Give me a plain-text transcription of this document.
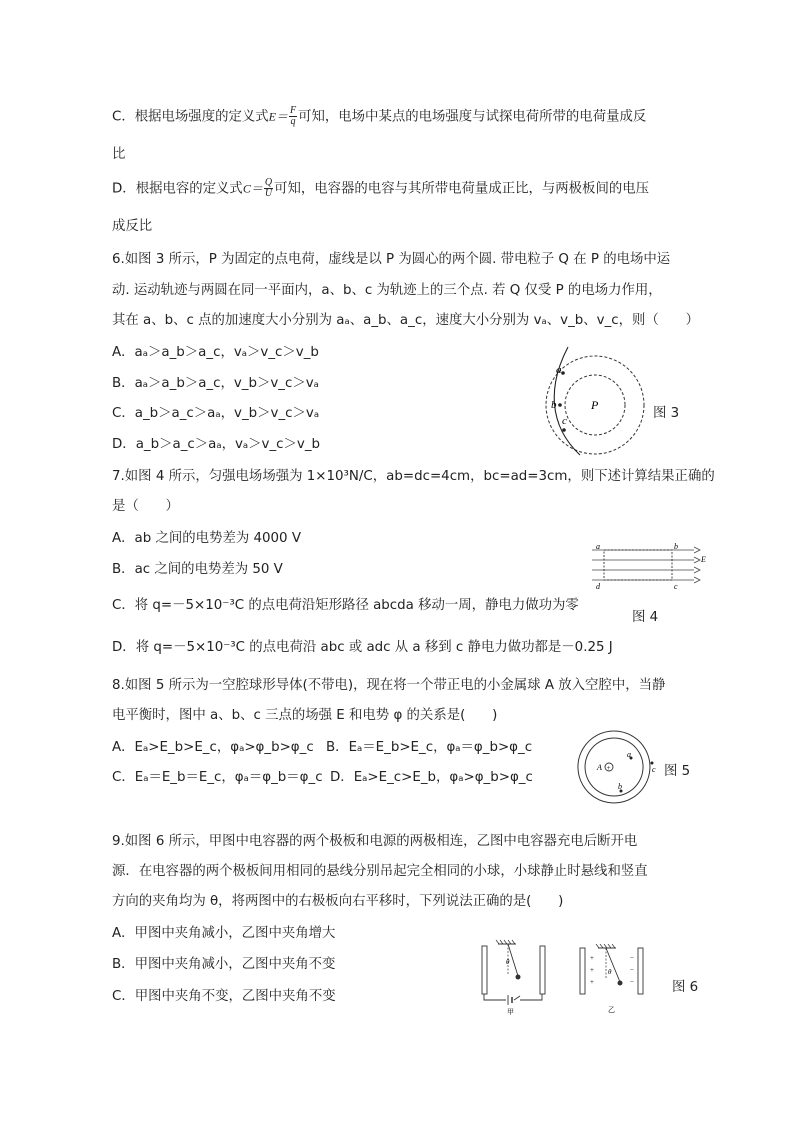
C．根据电场强度的定义式$E= \frac{F}{q}$ 可知，电场中某点的电场强度与试探电荷所带的电荷量成反
比
D．根据电容的定义式$C= \frac{Q}{U}$ 可知，电容器的电容与其所带电荷量成正比，与两极板间的电压
成反比
6.如图 3 所示，P 为固定的点电荷，虚线是以 P 为圆心的两个圆. 带电粒子 Q 在 P 的电场中运
动. 运动轨迹与两圆在同一平面内，a、b、c 为轨迹上的三个点. 若 Q 仅受 P 的电场力作用，
其在 a、b、c 点的加速度大小分别为 aₐ、a_b、a_c，速度大小分别为 vₐ、v_b、v_c，则（　　）
A．aₐ＞a_b＞a_c，vₐ＞v_c＞v_b
B．aₐ＞a_b＞a_c，v_b＞v_c＞vₐ
C．a_b＞a_c＞aₐ，v_b＞v_c＞vₐ
D．a_b＞a_c＞aₐ，vₐ＞v_c＞v_b
a
b
c
P
图 3
7.如图 4 所示，匀强电场场强为 1×10³N/C，ab=dc=4cm，bc=ad=3cm，则下述计算结果正确的
是（　　）
A．ab 之间的电势差为 4000 V
B．ac 之间的电势差为 50 V
C．将 q=－5×10⁻³C 的点电荷沿矩形路径 abcda 移动一周，静电力做功为零
D．将 q=－5×10⁻³C 的点电荷沿 abc 或 adc 从 a 移到 c 静电力做功都是－0.25 J
a	b
c
d
E
图 4
8.如图 5 所示为一空腔球形导体(不带电)，现在将一个带正电的小金属球 A 放入空腔中，当静
电平衡时，图中 a、b、c 三点的场强 E 和电势 φ 的关系是(　　)
A．Eₐ>E_b>E_c，φₐ>φ_b>φ_c B．Eₐ＝E_b>E_c，φₐ＝φ_b>φ_c
C．Eₐ＝E_b＝E_c，φₐ＝φ_b＝φ_c D．Eₐ>E_c>E_b，φₐ>φ_b>φ_c
+
A
a
b
c 图 5
9.如图 6 所示，甲图中电容器的两个极板和电源的两极相连，乙图中电容器充电后断开电
源．在电容器的两个极板间用相同的悬线分别吊起完全相同的小球，小球静止时悬线和竖直
方向的夹角均为 θ，将两图中的右极板向右平移时，下列说法正确的是(　　)
A．甲图中夹角减小，乙图中夹角增大
B．甲图中夹角减小，乙图中夹角不变
C．甲图中夹角不变，乙图中夹角不变
θ
甲
θ
+
+
+
−
−
−
乙
图 6
